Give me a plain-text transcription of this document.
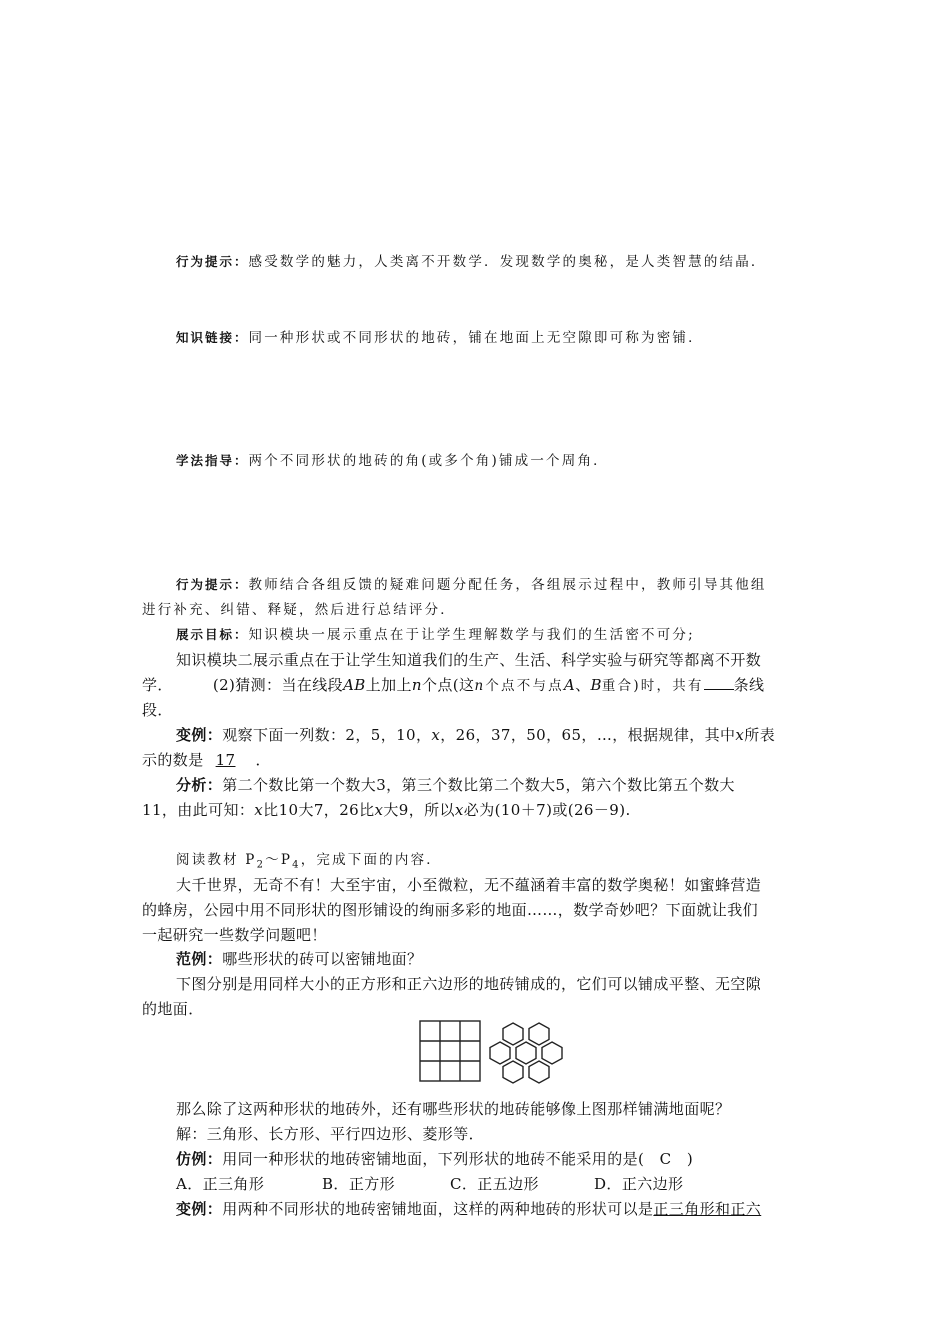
行为提示：感受数学的魅力，人类离不开数学．发现数学的奥秘，是人类智慧的结晶．
知识链接：同一种形状或不同形状的地砖，铺在地面上无空隙即可称为密铺．
学法指导：两个不同形状的地砖的角(或多个角)铺成一个周角．
行为提示：教师结合各组反馈的疑难问题分配任务，各组展示过程中，教师引导其他组
进行补充、纠错、释疑，然后进行总结评分．
展示目标：知识模块一展示重点在于让学生理解数学与我们的生活密不可分;
知识模块二展示重点在于让学生知道我们的生产、生活、科学实验与研究等都离不开数
学．	(2)猜测：当在线段AB上加上n个点(这n个点不与点A、B重合)时，共有 条线
段．
变例：观察下面一列数：2，5，10，x，26，37，50，65，…，根据规律，其中x所表
示的数是 17 ．
分析：第二个数比第一个数大3，第三个数比第二个数大5，第六个数比第五个数大
11，由此可知：x比10大7，26比x大9，所以x必为(10＋7)或(26－9).
阅读教材 $P_2\sim P_4$，完成下面的内容．
大千世界，无奇不有！大至宇宙，小至微粒，无不蕴涵着丰富的数学奥秘！如蜜蜂营造
的蜂房，公园中用不同形状的图形铺设的绚丽多彩的地面……，数学奇妙吧？下面就让我们
一起研究一些数学问题吧！
范例：哪些形状的砖可以密铺地面？
下图分别是用同样大小的正方形和正六边形的地砖铺成的，它们可以铺成平整、无空隙
的地面．
那么除了这两种形状的地砖外，还有哪些形状的地砖能够像上图那样铺满地面呢？
解：三角形、长方形、平行四边形、菱形等．
仿例：用同一种形状的地砖密铺地面，下列形状的地砖不能采用的是(　C　)
A．正三角形	B．正方形	C．正五边形	D．正六边形
变例：用两种不同形状的地砖密铺地面，这样的两种地砖的形状可以是正三角形和正六
